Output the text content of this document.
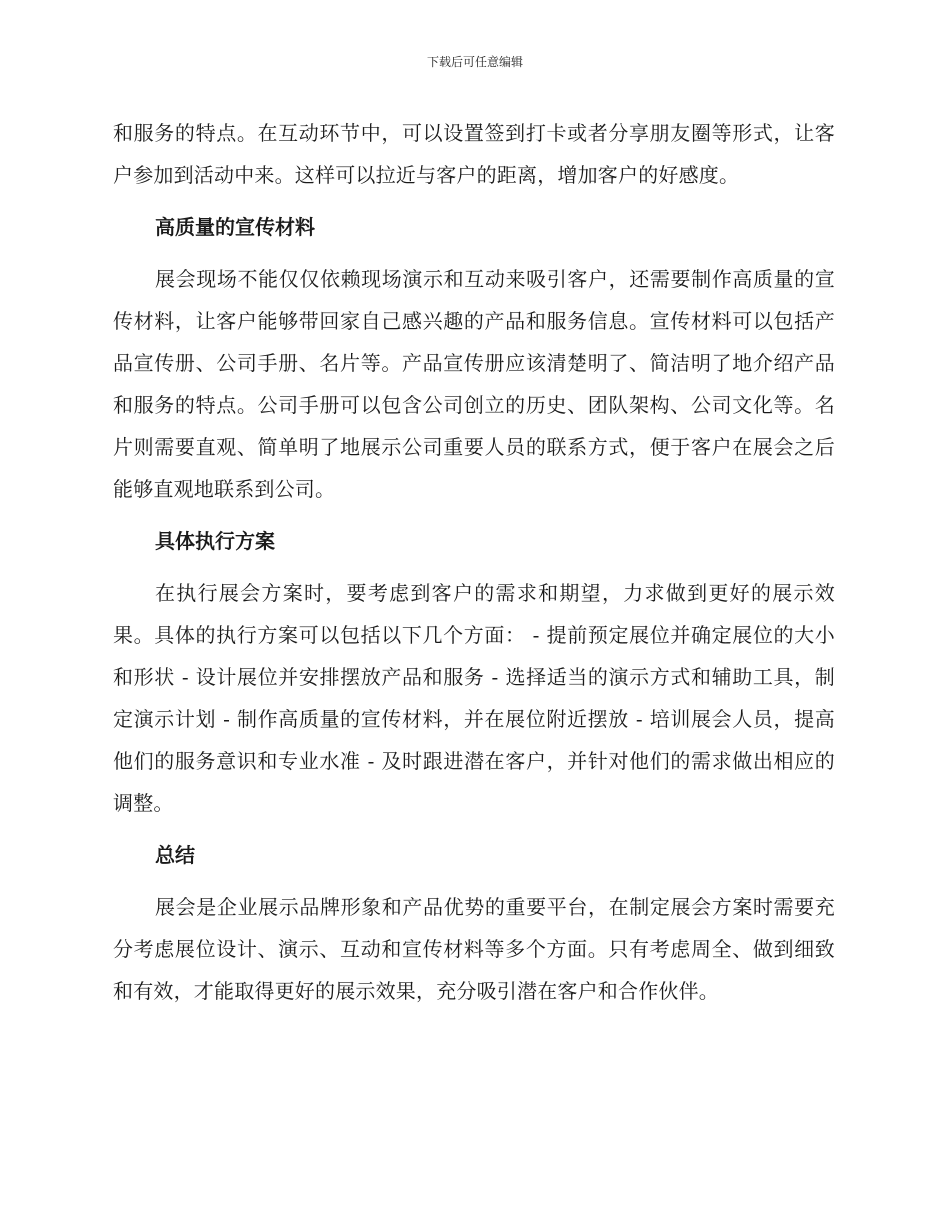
下载后可任意编辑

和服务的特点。在互动环节中，可以设置签到打卡或者分享朋友圈等形式，让客户参加到活动中来。这样可以拉近与客户的距离，增加客户的好感度。

高质量的宣传材料

展会现场不能仅仅依赖现场演示和互动来吸引客户，还需要制作高质量的宣传材料，让客户能够带回家自己感兴趣的产品和服务信息。宣传材料可以包括产品宣传册、公司手册、名片等。产品宣传册应该清楚明了、简洁明了地介绍产品和服务的特点。公司手册可以包含公司创立的历史、团队架构、公司文化等。名片则需要直观、简单明了地展示公司重要人员的联系方式，便于客户在展会之后能够直观地联系到公司。

具体执行方案

在执行展会方案时，要考虑到客户的需求和期望，力求做到更好的展示效果。具体的执行方案可以包括以下几个方面： - 提前预定展位并确定展位的大小和形状 - 设计展位并安排摆放产品和服务 - 选择适当的演示方式和辅助工具，制定演示计划 - 制作高质量的宣传材料，并在展位附近摆放 - 培训展会人员，提高他们的服务意识和专业水准 - 及时跟进潜在客户，并针对他们的需求做出相应的调整。

总结

展会是企业展示品牌形象和产品优势的重要平台，在制定展会方案时需要充分考虑展位设计、演示、互动和宣传材料等多个方面。只有考虑周全、做到细致和有效，才能取得更好的展示效果，充分吸引潜在客户和合作伙伴。
